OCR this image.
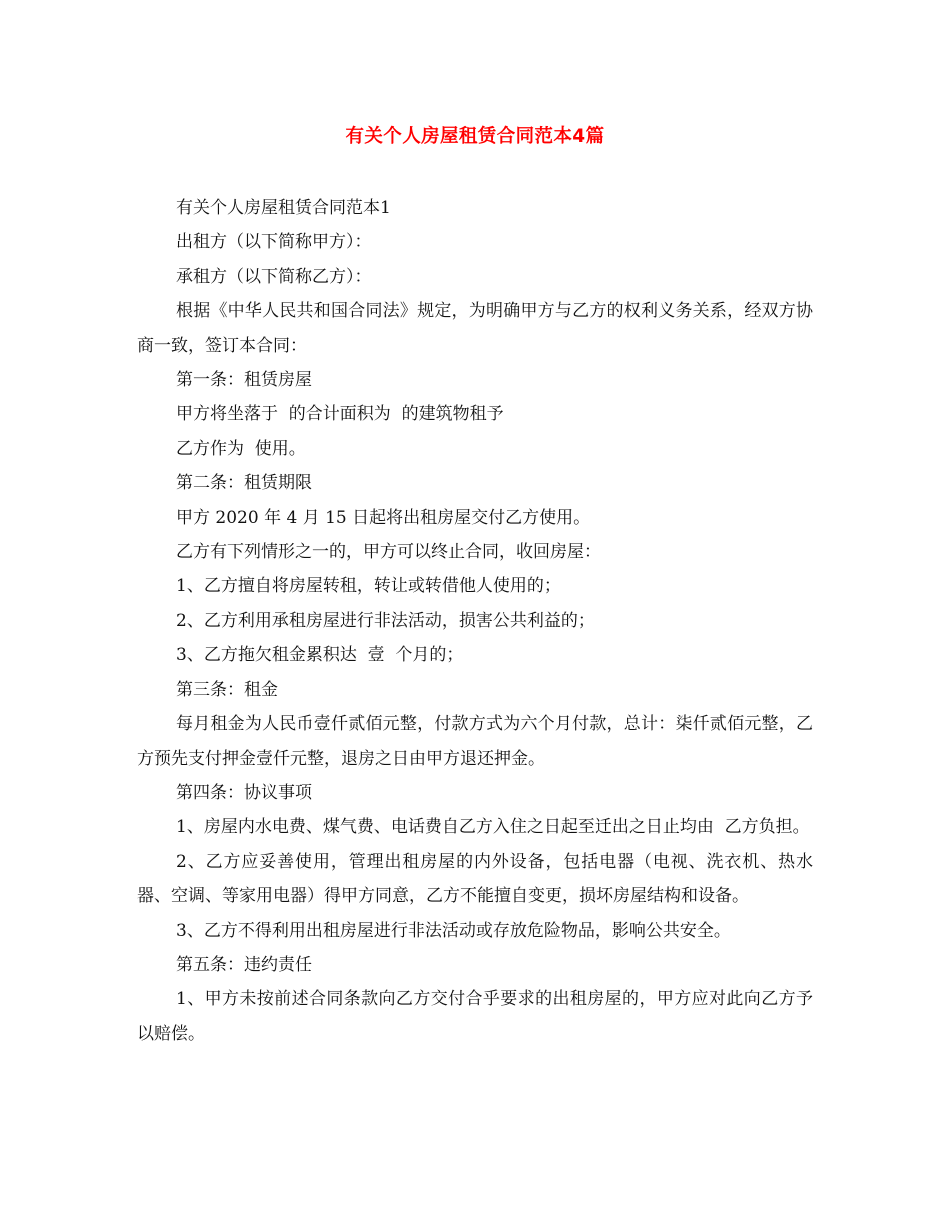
有关个人房屋租赁合同范本4篇

有关个人房屋租赁合同范本1

出租方（以下简称甲方）：

承租方（以下简称乙方）：

根据《中华人民共和国合同法》规定，为明确甲方与乙方的权利义务关系，经双方协商一致，签订本合同：

第一条：租赁房屋

甲方将坐落于  的合计面积为  的建筑物租予

乙方作为  使用。

第二条：租赁期限

甲方 2020 年 4 月 15 日起将出租房屋交付乙方使用。

乙方有下列情形之一的，甲方可以终止合同，收回房屋：

1、乙方擅自将房屋转租，转让或转借他人使用的；

2、乙方利用承租房屋进行非法活动，损害公共利益的；

3、乙方拖欠租金累积达  壹  个月的；

第三条：租金

每月租金为人民币壹仟贰佰元整，付款方式为六个月付款，总计：柒仟贰佰元整，乙方预先支付押金壹仟元整，退房之日由甲方退还押金。

第四条：协议事项

1、房屋内水电费、煤气费、电话费自乙方入住之日起至迁出之日止均由  乙方负担。

2、乙方应妥善使用，管理出租房屋的内外设备，包括电器（电视、洗衣机、热水器、空调、等家用电器）得甲方同意，乙方不能擅自变更，损坏房屋结构和设备。

3、乙方不得利用出租房屋进行非法活动或存放危险物品，影响公共安全。

第五条：违约责任

1、甲方未按前述合同条款向乙方交付合乎要求的出租房屋的，甲方应对此向乙方予以赔偿。
